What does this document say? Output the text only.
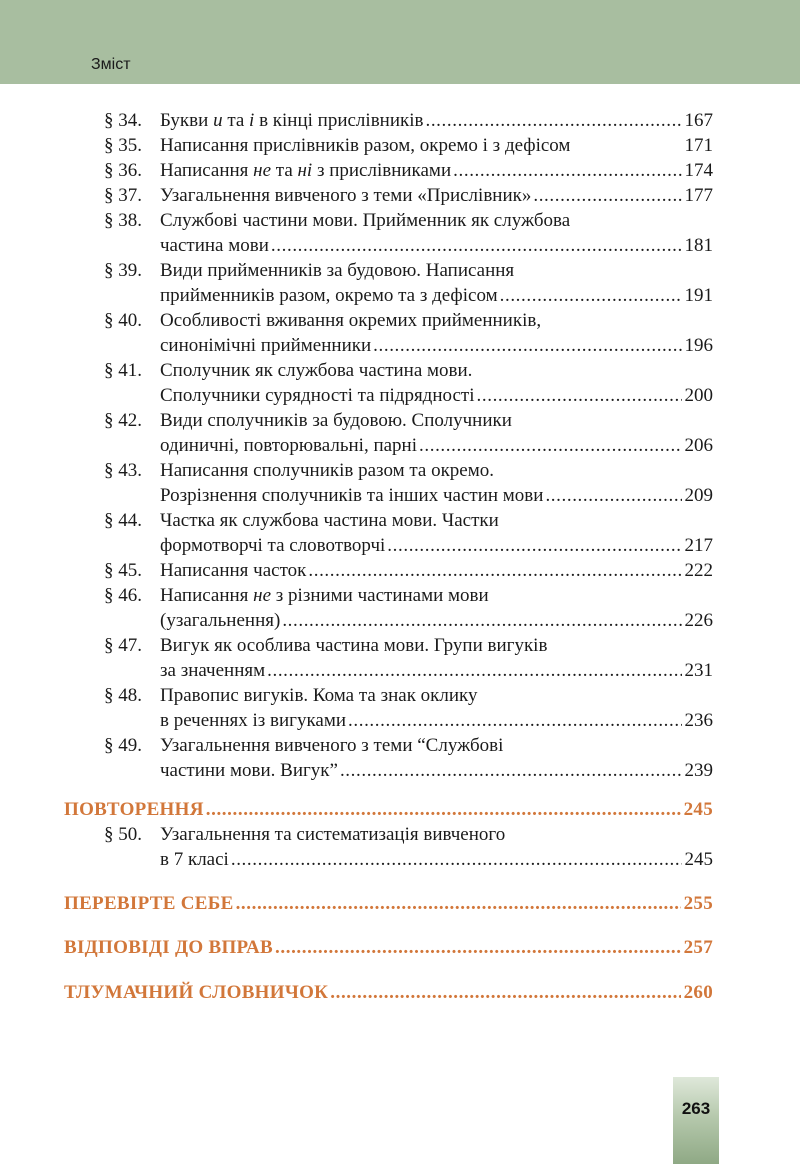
Зміст
§ 34. Букви и та і в кінці прислівників .....	167
§ 35. Написання прислівників разом, окремо і з дефісом	171
§ 36. Написання не та ні з прислівниками .....	174
§ 37. Узагальнення вивченого з теми «Прислівник» .....	177
§ 38. Службові частини мови. Прийменник як службова
частина мови .....	181
§ 39. Види прийменників за будовою. Написання
прийменників разом, окремо та з дефісом .....	191
§ 40. Особливості вживання окремих прийменників,
синонімічні прийменники .....	196
§ 41. Сполучник як службова частина мови.
Сполучники сурядності та підрядності .....	200
§ 42. Види сполучників за будовою. Сполучники
одиничні, повторювальні, парні .....	206
§ 43. Написання сполучників разом та окремо.
Розрізнення сполучників та інших частин мови .....	209
§ 44. Частка як службова частина мови. Частки
формотворчі та словотворчі .....	217
§ 45. Написання часток .....	222
§ 46. Написання не з різними частинами мови
(узагальнення) .....	226
§ 47. Вигук як особлива частина мови. Групи вигуків
за значенням .....	231
§ 48. Правопис вигуків. Кома та знак оклику
в реченнях із вигуками .....	236
§ 49. Узагальнення вивченого з теми “Службові
частини мови. Вигук” .....	239
ПОВТОРЕННЯ .....	245
§ 50. Узагальнення та систематизація вивченого
в 7 класі .....	245
ПЕРЕВІРТЕ СЕБЕ .....	255
ВІДПОВІДІ ДО ВПРАВ .....	257
ТЛУМАЧНИЙ СЛОВНИЧОК .....	260
263
